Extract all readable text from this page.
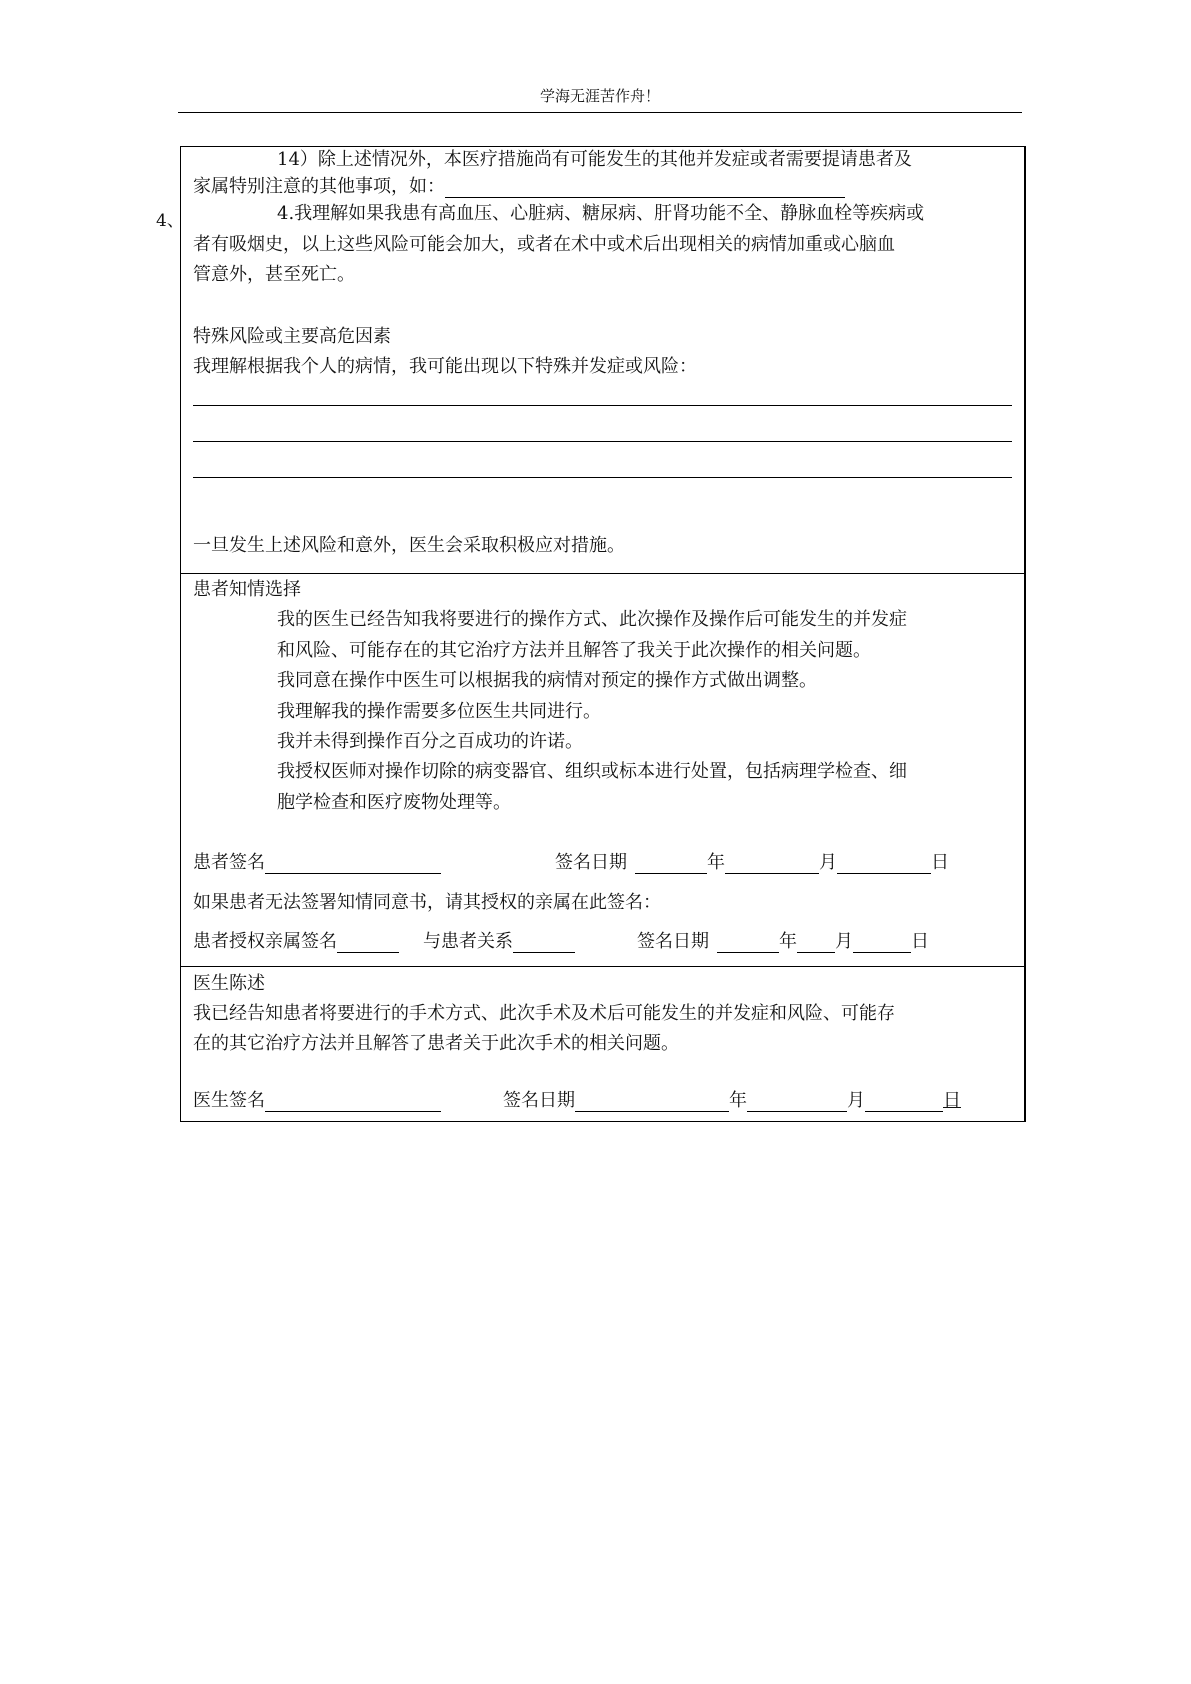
学海无涯苦作舟！
4、
14）除上述情况外，本医疗措施尚有可能发生的其他并发症或者需要提请患者及
家属特别注意的其他事项，如：
4.我理解如果我患有高血压、心脏病、糖尿病、肝肾功能不全、静脉血栓等疾病或
者有吸烟史，以上这些风险可能会加大，或者在术中或术后出现相关的病情加重或心脑血
管意外，甚至死亡。
特殊风险或主要高危因素
我理解根据我个人的病情，我可能出现以下特殊并发症或风险：
一旦发生上述风险和意外，医生会采取积极应对措施。
患者知情选择
我的医生已经告知我将要进行的操作方式、此次操作及操作后可能发生的并发症
和风险、可能存在的其它治疗方法并且解答了我关于此次操作的相关问题。
我同意在操作中医生可以根据我的病情对预定的操作方式做出调整。
我理解我的操作需要多位医生共同进行。
我并未得到操作百分之百成功的许诺。
我授权医师对操作切除的病变器官、组织或标本进行处置，包括病理学检查、细
胞学检查和医疗废物处理等。
患者签名	签名日期	年	月	日
如果患者无法签署知情同意书，请其授权的亲属在此签名：
患者授权亲属签名	与患者关系	签名日期	年 月	日
医生陈述
我已经告知患者将要进行的手术方式、此次手术及术后可能发生的并发症和风险、可能存
在的其它治疗方法并且解答了患者关于此次手术的相关问题。
医生签名	签名日期	年	月	日
